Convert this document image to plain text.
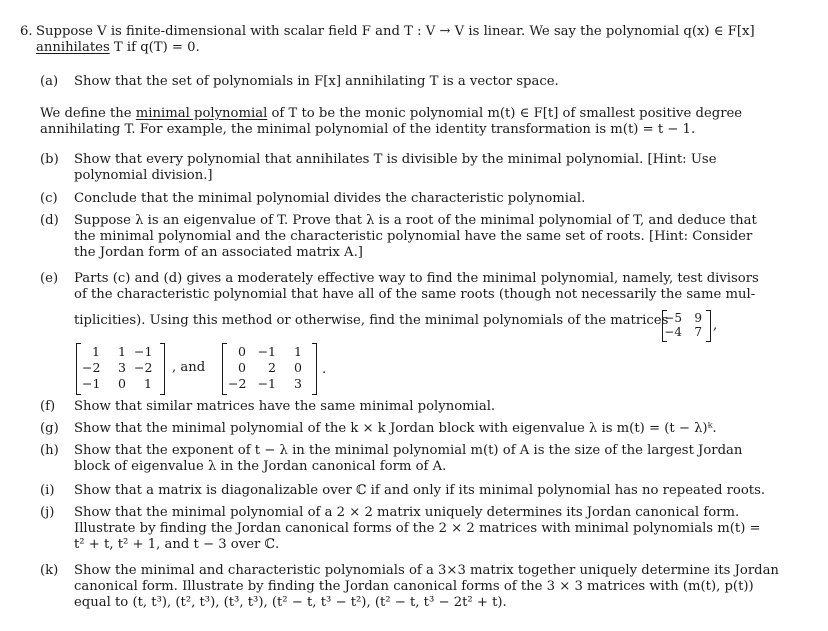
6. Suppose V is finite-dimensional with scalar field F and T : V → V is linear. We say the polynomial q(x) ∈ F[x]
annihilates T if q(T) = 0.
(a)	Show that the set of polynomials in F[x] annihilating T is a vector space.
We define the minimal polynomial of T to be the monic polynomial m(t) ∈ F[t] of smallest positive degree
annihilating T. For example, the minimal polynomial of the identity transformation is m(t) = t − 1.
(b) Show that every polynomial that annihilates T is divisible by the minimal polynomial. [Hint: Use
polynomial division.]
(c)	Conclude that the minimal polynomial divides the characteristic polynomial.
(d) Suppose λ is an eigenvalue of T. Prove that λ is a root of the minimal polynomial of T, and deduce that
the minimal polynomial and the characteristic polynomial have the same set of roots. [Hint: Consider
the Jordan form of an associated matrix A.]
(e) Parts (c) and (d) gives a moderately effective way to find the minimal polynomial, namely, test divisors
of the characteristic polynomial that have all of the same roots (though not necessarily the same mul-
tiplicities). Using this method or otherwise, find the minimal polynomials of the matrices
−5	9
−4	7 ,
1	1 −1
−2	3 −2
−1	0	1
, and
0 −1	1
0	2	0
−2 −1	3
.
(f)	Show that similar matrices have the same minimal polynomial.
(g)	Show that the minimal polynomial of the k × k Jordan block with eigenvalue λ is m(t) = (t − λ)ᵏ.
(h) Show that the exponent of t − λ in the minimal polynomial m(t) of A is the size of the largest Jordan
block of eigenvalue λ in the Jordan canonical form of A.
(i)	Show that a matrix is diagonalizable over ℂ if and only if its minimal polynomial has no repeated roots.
(j) Show that the minimal polynomial of a 2 × 2 matrix uniquely determines its Jordan canonical form.
Illustrate by finding the Jordan canonical forms of the 2 × 2 matrices with minimal polynomials m(t) =
t² + t, t² + 1, and t − 3 over ℂ.
(k) Show the minimal and characteristic polynomials of a 3×3 matrix together uniquely determine its Jordan
canonical form. Illustrate by finding the Jordan canonical forms of the 3 × 3 matrices with (m(t), p(t))
equal to (t, t³), (t², t³), (t³, t³), (t² − t, t³ − t²), (t² − t, t³ − 2t² + t).
